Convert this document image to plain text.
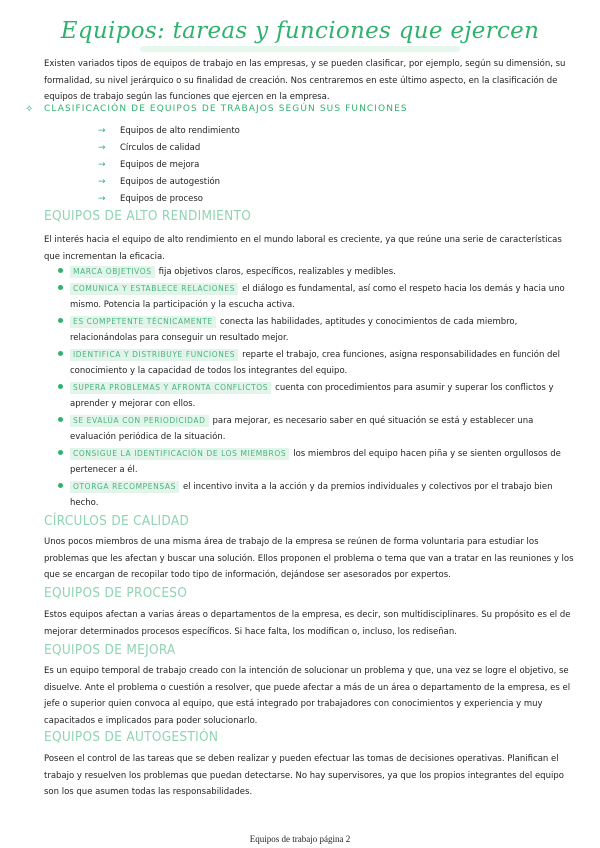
Equipos: tareas y funciones que ejercen
Existen variados tipos de equipos de trabajo en las empresas, y se pueden clasificar, por ejemplo, según su dimensión, su formalidad, su nivel jerárquico o su finalidad de creación. Nos centraremos en este último aspecto, en la clasificación de equipos de trabajo según las funciones que ejercen en la empresa.
✧ CLASIFICACIÓN DE EQUIPOS DE TRABAJOS SEGÚN SUS FUNCIONES
→	Equipos de alto rendimiento
→	Círculos de calidad
→	Equipos de mejora
→	Equipos de autogestión
→	Equipos de proceso
EQUIPOS DE ALTO RENDIMIENTO
El interés hacia el equipo de alto rendimiento en el mundo laboral es creciente, ya que reúne una serie de características que incrementan la eficacia.
MARCA OBJETIVOS fija objetivos claros, específicos, realizables y medibles.
COMUNICA Y ESTABLECE RELACIONES el diálogo es fundamental, así como el respeto hacia los demás y hacia uno mismo. Potencia la participación y la escucha activa.
ES COMPETENTE TÉCNICAMENTE conecta las habilidades, aptitudes y conocimientos de cada miembro, relacionándolas para conseguir un resultado mejor.
IDENTIFICA Y DISTRIBUYE FUNCIONES reparte el trabajo, crea funciones, asigna responsabilidades en función del conocimiento y la capacidad de todos los integrantes del equipo.
SUPERA PROBLEMAS Y AFRONTA CONFLICTOS cuenta con procedimientos para asumir y superar los conflictos y aprender y mejorar con ellos.
SE EVALÚA CON PERIODICIDAD para mejorar, es necesario saber en qué situación se está y establecer una evaluación periódica de la situación.
CONSIGUE LA IDENTIFICACIÓN DE LOS MIEMBROS los miembros del equipo hacen piña y se sienten orgullosos de pertenecer a él.
OTORGA RECOMPENSAS el incentivo invita a la acción y da premios individuales y colectivos por el trabajo bien hecho.
CÍRCULOS DE CALIDAD
Unos pocos miembros de una misma área de trabajo de la empresa se reúnen de forma voluntaria para estudiar los problemas que les afectan y buscar una solución. Ellos proponen el problema o tema que van a tratar en las reuniones y los que se encargan de recopilar todo tipo de información, dejándose ser asesorados por expertos.
EQUIPOS DE PROCESO
Estos equipos afectan a varias áreas o departamentos de la empresa, es decir, son multidisciplinares. Su propósito es el de mejorar determinados procesos específicos. Si hace falta, los modifican o, incluso, los rediseñan.
EQUIPOS DE MEJORA
Es un equipo temporal de trabajo creado con la intención de solucionar un problema y que, una vez se logre el objetivo, se disuelve. Ante el problema o cuestión a resolver, que puede afectar a más de un área o departamento de la empresa, es el jefe o superior quien convoca al equipo, que está integrado por trabajadores con conocimientos y experiencia y muy capacitados e implicados para poder solucionarlo.
EQUIPOS DE AUTOGESTIÓN
Poseen el control de las tareas que se deben realizar y pueden efectuar las tomas de decisiones operativas. Planifican el trabajo y resuelven los problemas que puedan detectarse. No hay supervisores, ya que los propios integrantes del equipo son los que asumen todas las responsabilidades.
Equipos de trabajo página 2
